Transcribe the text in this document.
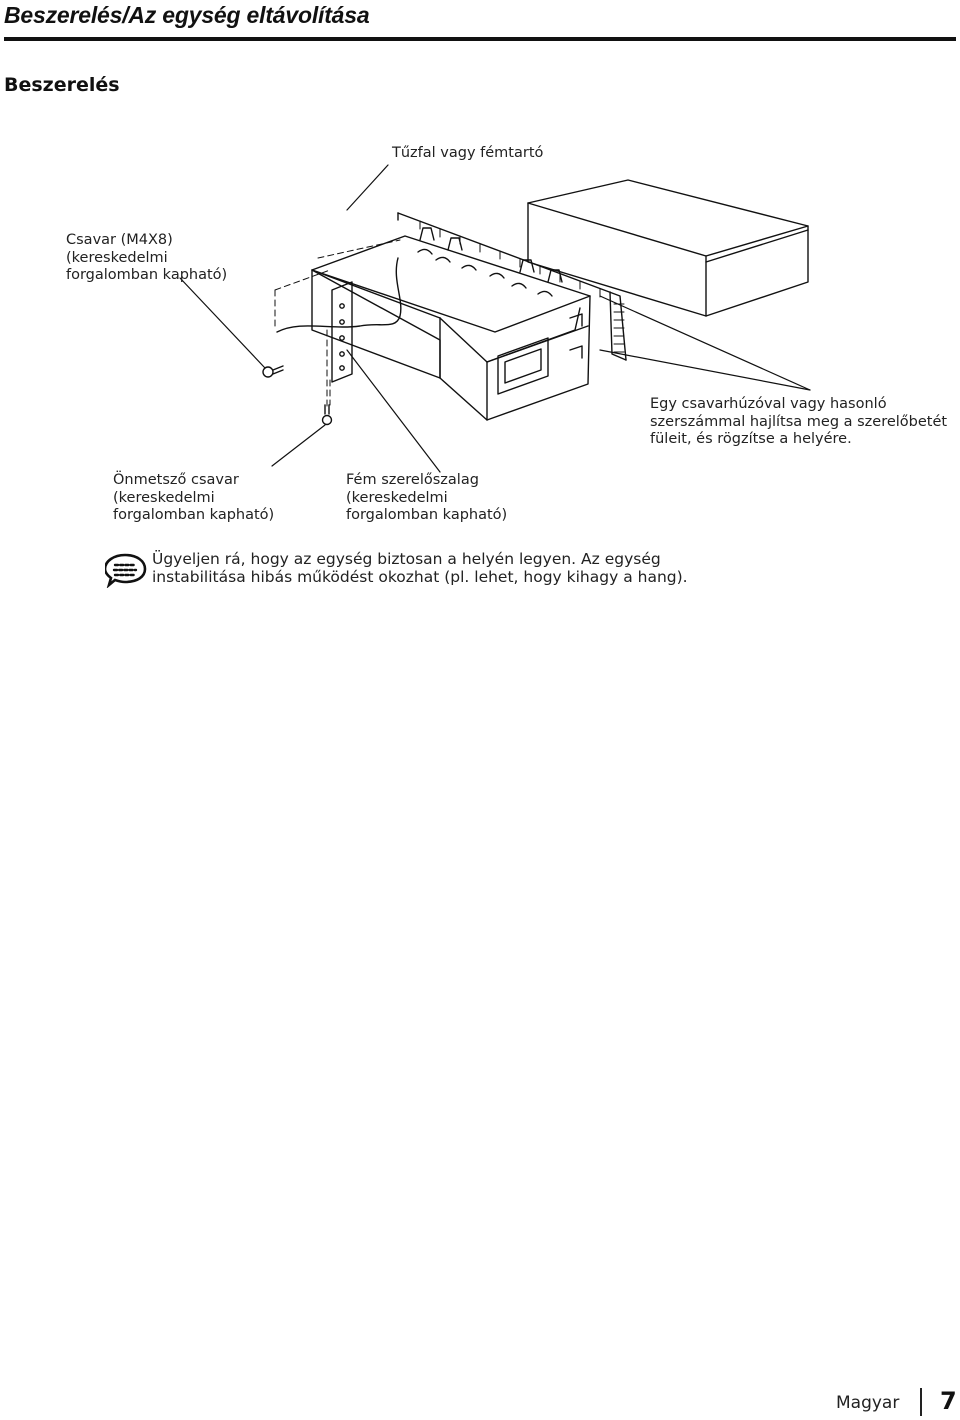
Beszerelés/Az egység eltávolítása
Beszerelés

Tűzfal vagy fémtartó

Csavar (M4X8)
(kereskedelmi
forgalomban kapható)
Egy csavarhúzóval vagy hasonló
szerszámmal hajlítsa meg a szerelőbetét
füleit, és rögzítse a helyére.
Önmetsző csavar
(kereskedelmi
forgalomban kapható)
Fém szerelőszalag
(kereskedelmi
forgalomban kapható)
Ügyeljen rá, hogy az egység biztosan a helyén legyen. Az egység
instabilitása hibás működést okozhat (pl. lehet, hogy kihagy a hang).
Magyar 7
